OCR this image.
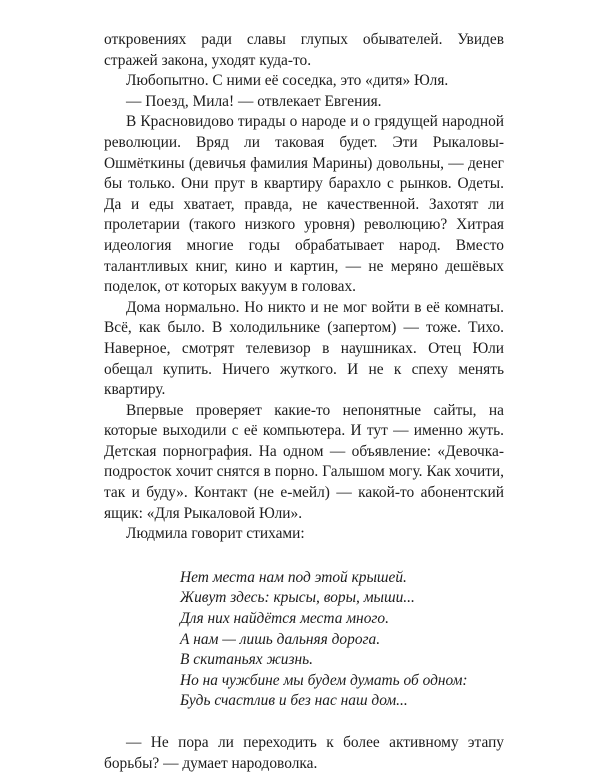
откровениях ради славы глупых обывателей. Увидев стражей закона, уходят куда-то.

Любопытно. С ними её соседка, это «дитя» Юля.

— Поезд, Мила! — отвлекает Евгения.

В Красновидово тирады о народе и о грядущей народной революции. Вряд ли таковая будет. Эти Рыкаловы-Ошмёткины (девичья фамилия Марины) довольны, — денег бы только. Они прут в квартиру барахло с рынков. Одеты. Да и еды хватает, правда, не качественной. Захотят ли пролетарии (такого низкого уровня) революцию? Хитрая идеология многие годы обрабатывает народ. Вместо талантливых книг, кино и картин, — не меряно дешёвых поделок, от которых вакуум в головах.

Дома нормально. Но никто и не мог войти в её комнаты. Всё, как было. В холодильнике (запертом) — тоже. Тихо. Наверное, смотрят телевизор в наушниках. Отец Юли обещал купить. Ничего жуткого. И не к спеху менять квартиру.

Впервые проверяет какие-то непонятные сайты, на которые выходили с её компьютера. И тут — именно жуть. Детская порнография. На одном — объявление: «Девочка-подросток хочит снятся в порно. Галышом могу. Как хочити, так и буду». Контакт (не е-мейл) — какой-то абонентский ящик: «Для Рыкаловой Юли».

Людмила говорит стихами:

Нет места нам под этой крышей.
Живут здесь: крысы, воры, мыши...
Для них найдётся места много.
А нам — лишь дальняя дорога.
В скитаньях жизнь.
Но на чужбине мы будем думать об одном:
Будь счастлив и без нас наш дом...

— Не пора ли переходить к более активному этапу борьбы? — думает народоволка.
